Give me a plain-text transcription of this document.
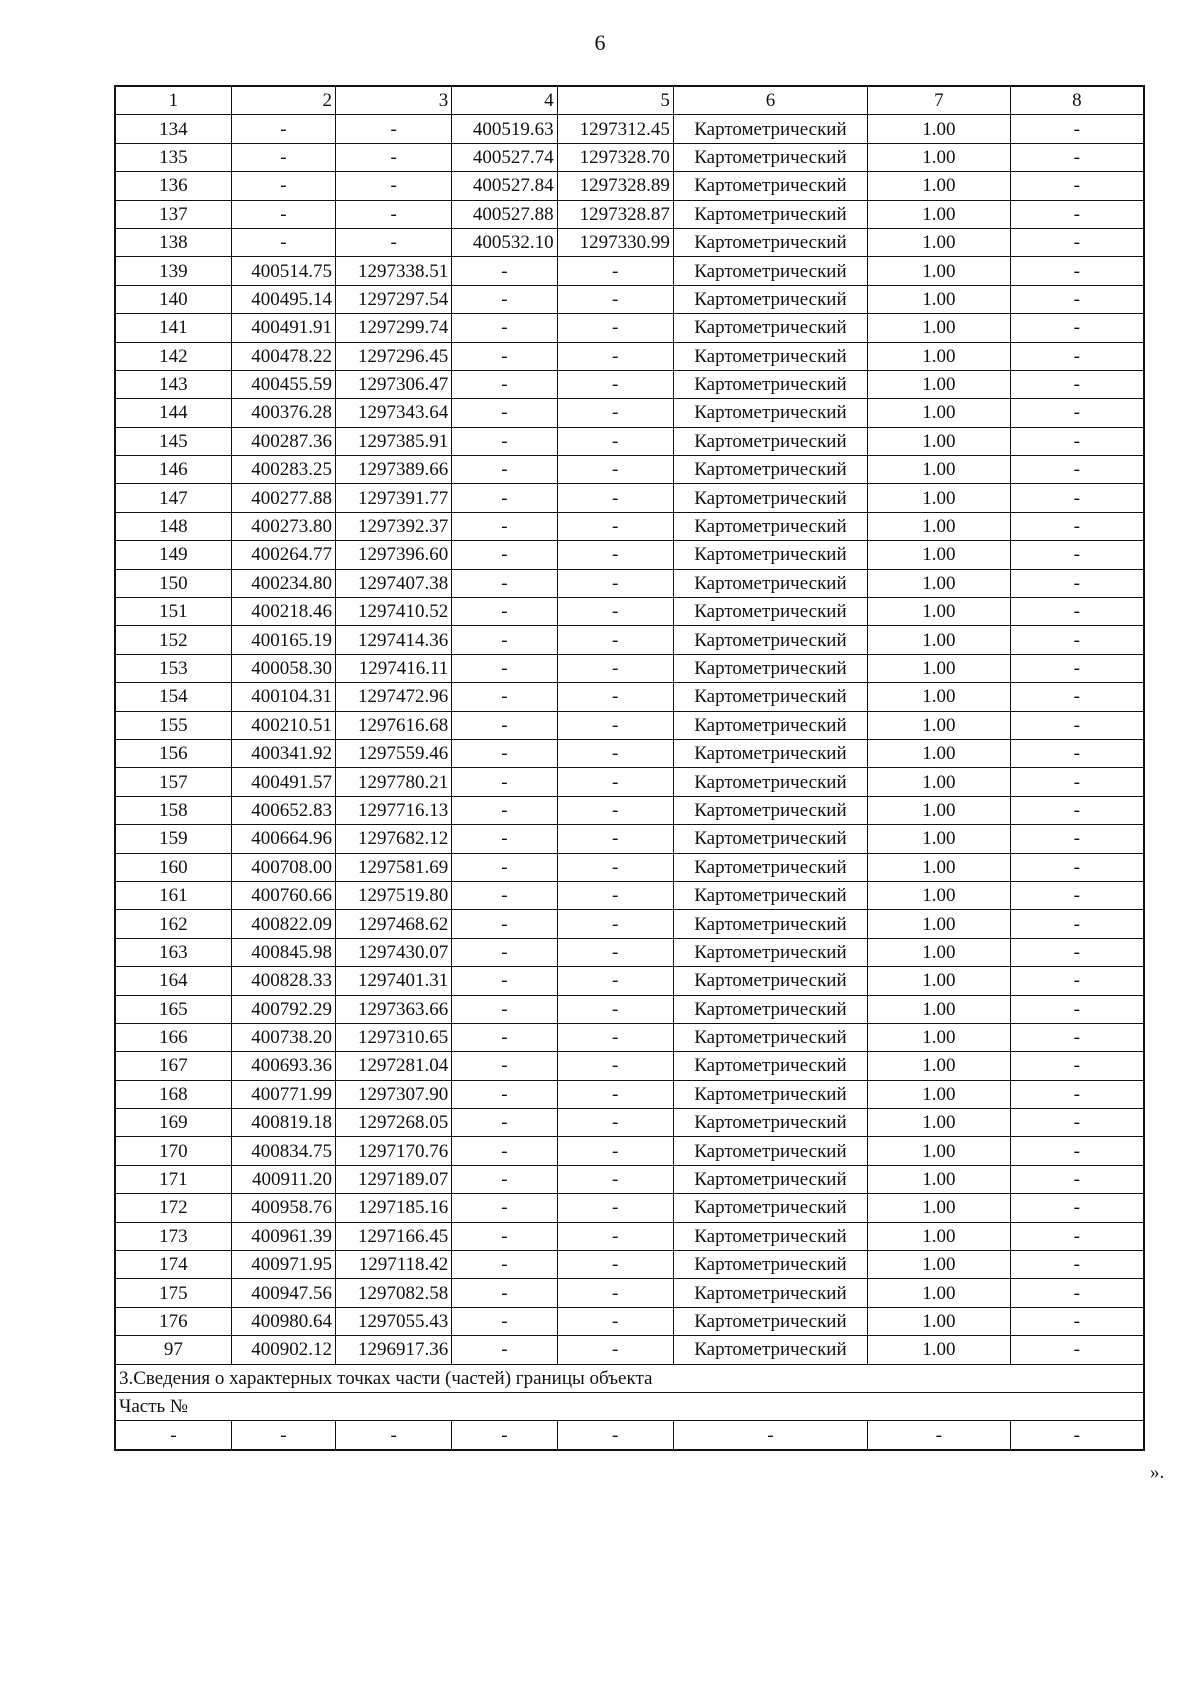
6
1	2	3	4	5	6	7	8
134	-	-	400519.63	1297312.45	Картометрический	1.00	-
135	-	-	400527.74	1297328.70	Картометрический	1.00	-
136	-	-	400527.84	1297328.89	Картометрический	1.00	-
137	-	-	400527.88	1297328.87	Картометрический	1.00	-
138	-	-	400532.10	1297330.99	Картометрический	1.00	-
139	400514.75	1297338.51	-	-	Картометрический	1.00	-
140	400495.14	1297297.54	-	-	Картометрический	1.00	-
141	400491.91	1297299.74	-	-	Картометрический	1.00	-
142	400478.22	1297296.45	-	-	Картометрический	1.00	-
143	400455.59	1297306.47	-	-	Картометрический	1.00	-
144	400376.28	1297343.64	-	-	Картометрический	1.00	-
145	400287.36	1297385.91	-	-	Картометрический	1.00	-
146	400283.25	1297389.66	-	-	Картометрический	1.00	-
147	400277.88	1297391.77	-	-	Картометрический	1.00	-
148	400273.80	1297392.37	-	-	Картометрический	1.00	-
149	400264.77	1297396.60	-	-	Картометрический	1.00	-
150	400234.80	1297407.38	-	-	Картометрический	1.00	-
151	400218.46	1297410.52	-	-	Картометрический	1.00	-
152	400165.19	1297414.36	-	-	Картометрический	1.00	-
153	400058.30	1297416.11	-	-	Картометрический	1.00	-
154	400104.31	1297472.96	-	-	Картометрический	1.00	-
155	400210.51	1297616.68	-	-	Картометрический	1.00	-
156	400341.92	1297559.46	-	-	Картометрический	1.00	-
157	400491.57	1297780.21	-	-	Картометрический	1.00	-
158	400652.83	1297716.13	-	-	Картометрический	1.00	-
159	400664.96	1297682.12	-	-	Картометрический	1.00	-
160	400708.00	1297581.69	-	-	Картометрический	1.00	-
161	400760.66	1297519.80	-	-	Картометрический	1.00	-
162	400822.09	1297468.62	-	-	Картометрический	1.00	-
163	400845.98	1297430.07	-	-	Картометрический	1.00	-
164	400828.33	1297401.31	-	-	Картометрический	1.00	-
165	400792.29	1297363.66	-	-	Картометрический	1.00	-
166	400738.20	1297310.65	-	-	Картометрический	1.00	-
167	400693.36	1297281.04	-	-	Картометрический	1.00	-
168	400771.99	1297307.90	-	-	Картометрический	1.00	-
169	400819.18	1297268.05	-	-	Картометрический	1.00	-
170	400834.75	1297170.76	-	-	Картометрический	1.00	-
171	400911.20	1297189.07	-	-	Картометрический	1.00	-
172	400958.76	1297185.16	-	-	Картометрический	1.00	-
173	400961.39	1297166.45	-	-	Картометрический	1.00	-
174	400971.95	1297118.42	-	-	Картометрический	1.00	-
175	400947.56	1297082.58	-	-	Картометрический	1.00	-
176	400980.64	1297055.43	-	-	Картометрический	1.00	-
97	400902.12	1296917.36	-	-	Картометрический	1.00	-
3.Сведения о характерных точках части (частей) границы объекта							
Часть №							
-	-	-	-	-	-	-	-
».
